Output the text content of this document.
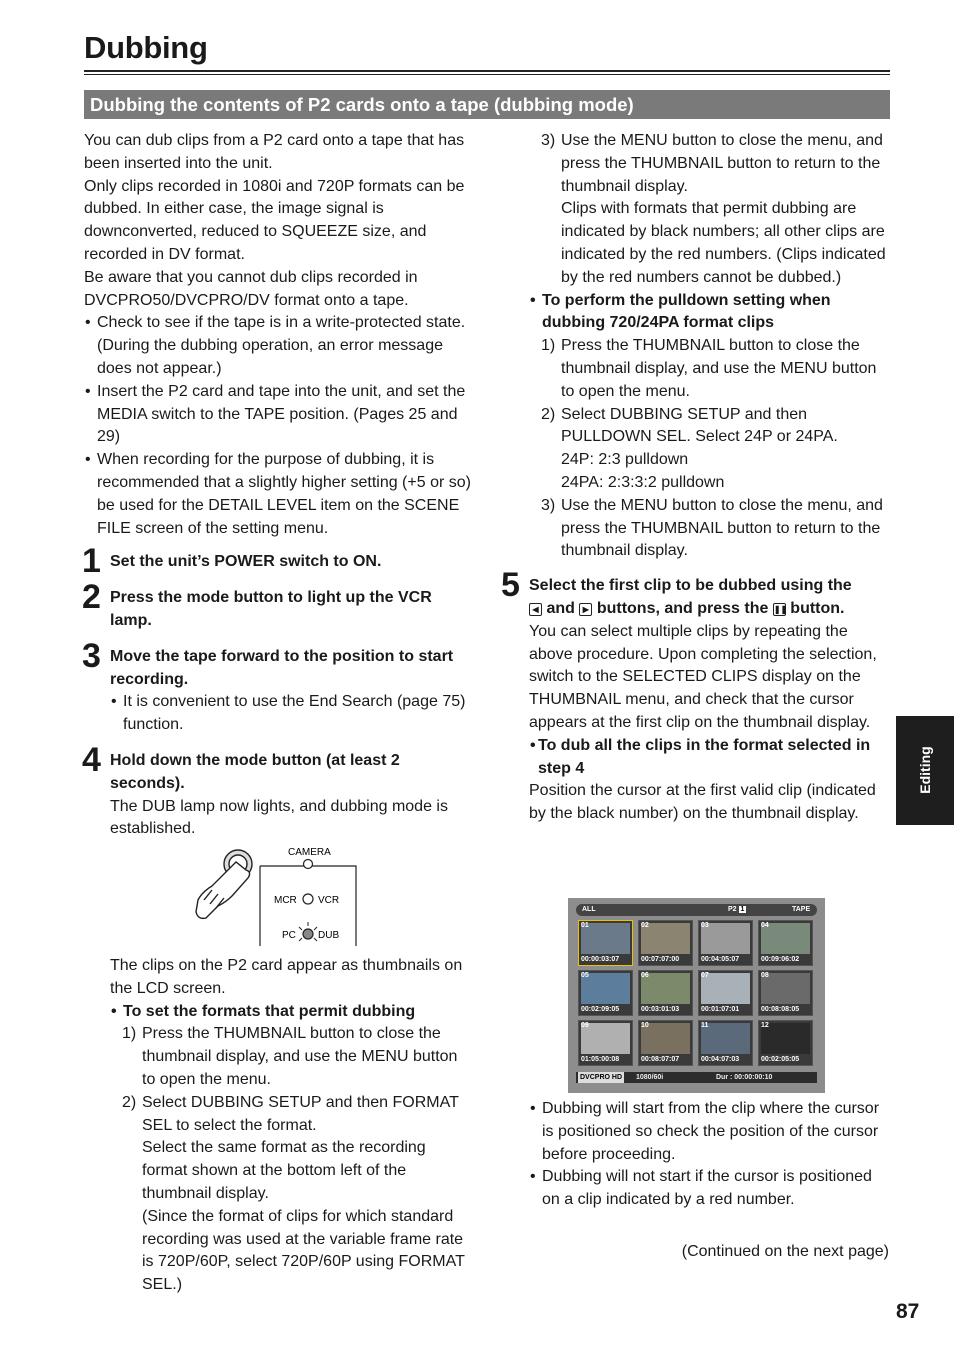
Dubbing
Dubbing the contents of P2 cards onto a tape (dubbing mode)

You can dub clips from a P2 card onto a tape that has been inserted into the unit.

Only clips recorded in 1080i and 720P formats can be dubbed. In either case, the image signal is downconverted, reduced to SQUEEZE size, and recorded in DV format.

Be aware that you cannot dub clips recorded in DVCPRO50/DVCPRO/DV format onto a tape.

• Check to see if the tape is in a write-protected state. (During the dubbing operation, an error message does not appear.)

• Insert the P2 card and tape into the unit, and set the MEDIA switch to the TAPE position. (Pages 25 and 29)

• When recording for the purpose of dubbing, it is recommended that a slightly higher setting (+5 or so) be used for the DETAIL LEVEL item on the SCENE FILE screen of the setting menu.

1 Set the unit’s POWER switch to ON.

2 Press the mode button to light up the VCR lamp.

3 Move the tape forward to the position to start recording.

• It is convenient to use the End Search (page 75) function.

4 Hold down the mode button (at least 2 seconds).

The DUB lamp now lights, and dubbing mode is established.

CAMERA
MCR VCR
PC DUB

The clips on the P2 card appear as thumbnails on the LCD screen.

• To set the formats that permit dubbing

1) Press the THUMBNAIL button to close the thumbnail display, and use the MENU button to open the menu.

2) Select DUBBING SETUP and then FORMAT SEL to select the format.

Select the same format as the recording format shown at the bottom left of the thumbnail display.

(Since the format of clips for which standard recording was used at the variable frame rate is 720P/60P, select 720P/60P using FORMAT SEL.)

3) Use the MENU button to close the menu, and press the THUMBNAIL button to return to the thumbnail display.

Clips with formats that permit dubbing are indicated by black numbers; all other clips are indicated by the red numbers. (Clips indicated by the red numbers cannot be dubbed.)

• To perform the pulldown setting when dubbing 720/24PA format clips

1) Press the THUMBNAIL button to close the thumbnail display, and use the MENU button to open the menu.

2) Select DUBBING SETUP and then PULLDOWN SEL. Select 24P or 24PA.

24P: 2:3 pulldown

24PA: 2:3:3:2 pulldown

3) Use the MENU button to close the menu, and press the THUMBNAIL button to return to the thumbnail display.

5 Select the first clip to be dubbed using the
◀ and ▶ buttons, and press the ❚❚ button.

You can select multiple clips by repeating the above procedure. Upon completing the selection, switch to the SELECTED CLIPS display on the THUMBNAIL menu, and check that the cursor appears at the first clip on the thumbnail display.

• To dub all the clips in the format selected in step 4

Position the cursor at the first valid clip (indicated by the black number) on the thumbnail display.

ALL	P2 1	TAPE
01
00:00:03:07
02
00:07:07:00
03
00:04:05:07
04
00:09:06:02
05
00:02:09:05
06
00:03:01:03
07
00:01:07:01
08
00:08:08:05
09
01:05:00:08
10
00:08:07:07
11
00:04:07:03
12
00:02:05:05
DVCPRO HD 1080/60i	Dur : 00:00:00:10

• Dubbing will start from the clip where the cursor is positioned so check the position of the cursor before proceeding.

• Dubbing will not start if the cursor is positioned on a clip indicated by a red number.

(Continued on the next page)
Editing
87
